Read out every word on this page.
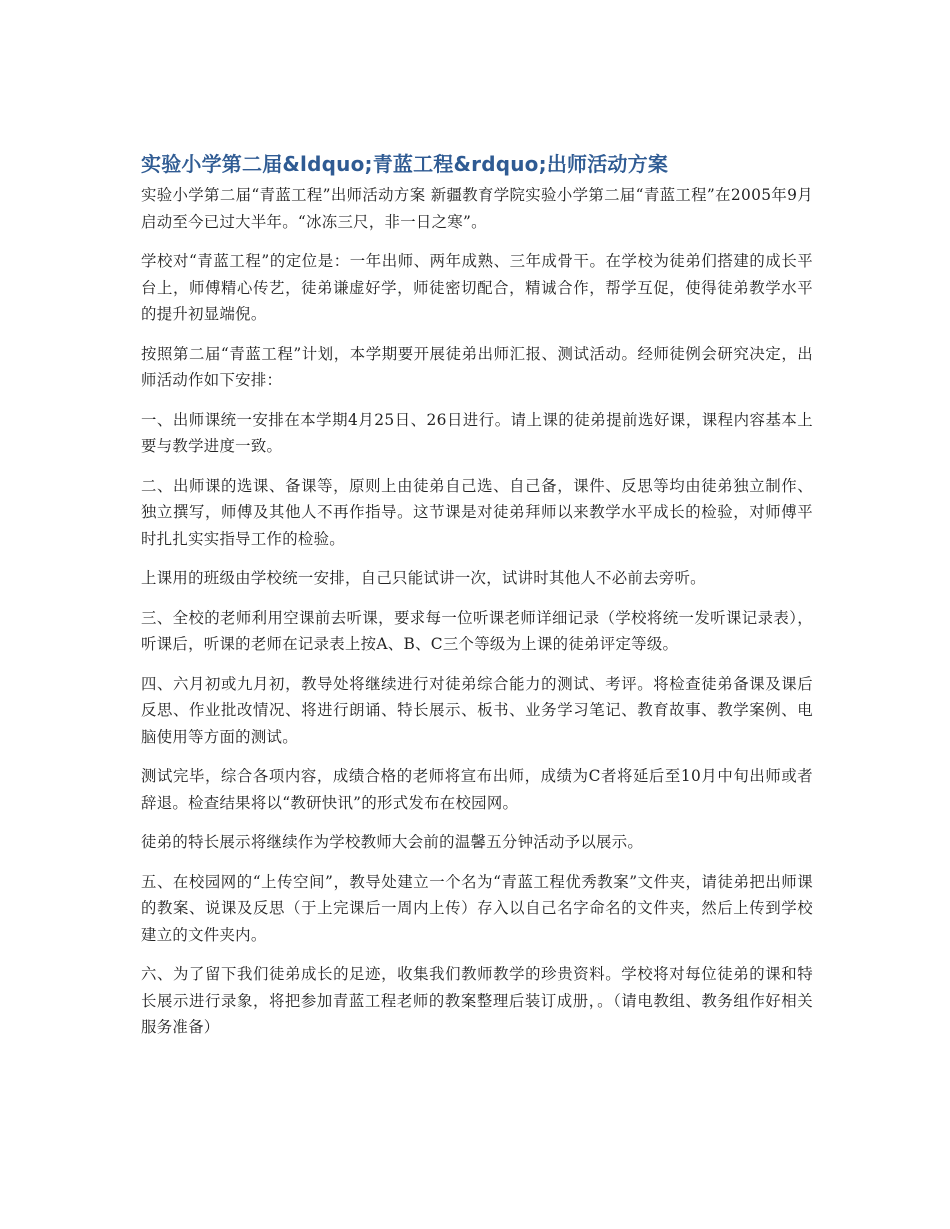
实验小学第二届&ldquo;青蓝工程&rdquo;出师活动方案

实验小学第二届“青蓝工程”出师活动方案 新疆教育学院实验小学第二届“青蓝工程”在2005年9月启动至今已过大半年。“冰冻三尺，非一日之寒”。

学校对“青蓝工程”的定位是：一年出师、两年成熟、三年成骨干。在学校为徒弟们搭建的成长平台上，师傅精心传艺，徒弟谦虚好学，师徒密切配合，精诚合作，帮学互促，使得徒弟教学水平的提升初显端倪。

按照第二届“青蓝工程”计划，本学期要开展徒弟出师汇报、测试活动。经师徒例会研究决定，出师活动作如下安排：

一、出师课统一安排在本学期4月25日、26日进行。请上课的徒弟提前选好课，课程内容基本上要与教学进度一致。

二、出师课的选课、备课等，原则上由徒弟自己选、自己备，课件、反思等均由徒弟独立制作、独立撰写，师傅及其他人不再作指导。这节课是对徒弟拜师以来教学水平成长的检验，对师傅平时扎扎实实指导工作的检验。

上课用的班级由学校统一安排，自己只能试讲一次，试讲时其他人不必前去旁听。

三、全校的老师利用空课前去听课，要求每一位听课老师详细记录（学校将统一发听课记录表），听课后，听课的老师在记录表上按A、B、C三个等级为上课的徒弟评定等级。

四、六月初或九月初，教导处将继续进行对徒弟综合能力的测试、考评。将检查徒弟备课及课后反思、作业批改情况、将进行朗诵、特长展示、板书、业务学习笔记、教育故事、教学案例、电脑使用等方面的测试。

测试完毕，综合各项内容，成绩合格的老师将宣布出师，成绩为C者将延后至10月中旬出师或者辞退。检查结果将以“教研快讯”的形式发布在校园网。

徒弟的特长展示将继续作为学校教师大会前的温馨五分钟活动予以展示。

五、在校园网的“上传空间”，教导处建立一个名为“青蓝工程优秀教案”文件夹，请徒弟把出师课的教案、说课及反思（于上完课后一周内上传）存入以自己名字命名的文件夹，然后上传到学校建立的文件夹内。

六、为了留下我们徒弟成长的足迹，收集我们教师教学的珍贵资料。学校将对每位徒弟的课和特长展示进行录象，将把参加青蓝工程老师的教案整理后装订成册，。（请电教组、教务组作好相关服务准备）
